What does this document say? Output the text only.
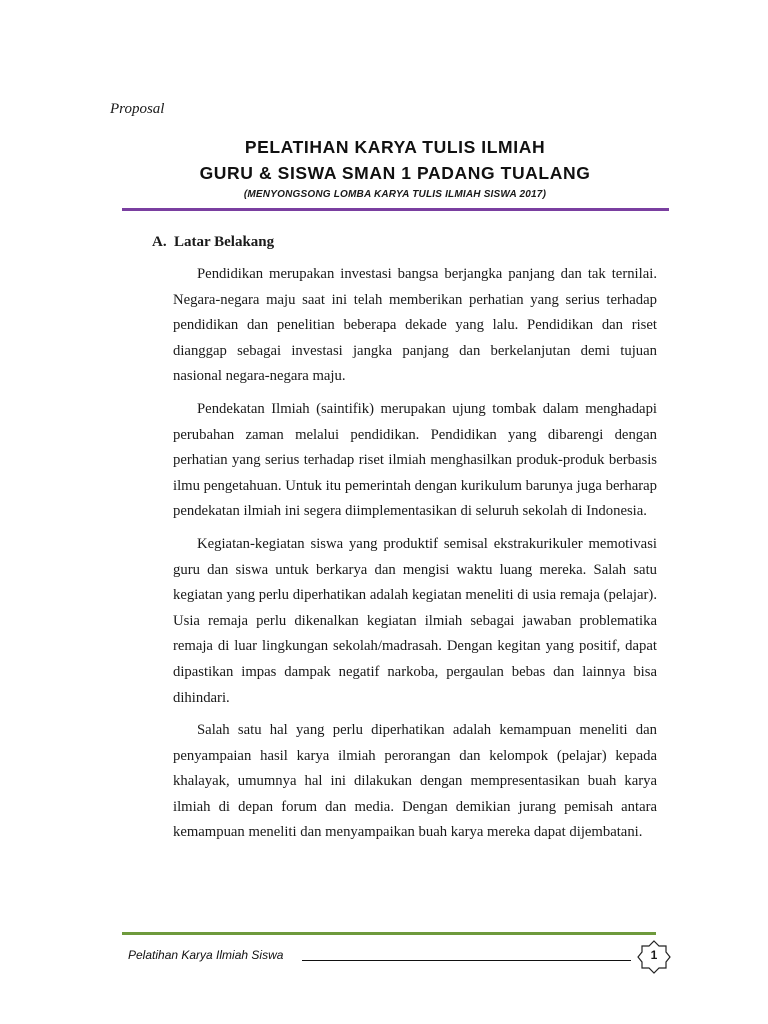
Proposal
PELATIHAN KARYA TULIS ILMIAH
GURU & SISWA SMAN 1 PADANG TUALANG
(MENYONGSONG LOMBA KARYA TULIS ILMIAH SISWA 2017)
A. Latar Belakang

Pendidikan merupakan investasi bangsa berjangka panjang dan tak ternilai. Negara-negara maju saat ini telah memberikan perhatian yang serius terhadap pendidikan dan penelitian beberapa dekade yang lalu. Pendidikan dan riset dianggap sebagai investasi jangka panjang dan berkelanjutan demi tujuan nasional negara-negara maju.

Pendekatan Ilmiah (saintifik) merupakan ujung tombak dalam menghadapi perubahan zaman melalui pendidikan. Pendidikan yang dibarengi dengan perhatian yang serius terhadap riset ilmiah menghasilkan produk-produk berbasis ilmu pengetahuan. Untuk itu pemerintah dengan kurikulum barunya juga berharap pendekatan ilmiah ini segera diimplementasikan di seluruh sekolah di Indonesia.

Kegiatan-kegiatan siswa yang produktif semisal ekstrakurikuler memotivasi guru dan siswa untuk berkarya dan mengisi waktu luang mereka. Salah satu kegiatan yang perlu diperhatikan adalah kegiatan meneliti di usia remaja (pelajar). Usia remaja perlu dikenalkan kegiatan ilmiah sebagai jawaban problematika remaja di luar lingkungan sekolah/madrasah. Dengan kegitan yang positif, dapat dipastikan impas dampak negatif narkoba, pergaulan bebas dan lainnya bisa dihindari.

Salah satu hal yang perlu diperhatikan adalah kemampuan meneliti dan penyampaian hasil karya ilmiah perorangan dan kelompok (pelajar) kepada khalayak, umumnya hal ini dilakukan dengan mempresentasikan buah karya ilmiah di depan forum dan media. Dengan demikian jurang pemisah antara kemampuan meneliti dan menyampaikan buah karya mereka dapat dijembatani.

Pelatihan Karya Ilmiah Siswa	1
